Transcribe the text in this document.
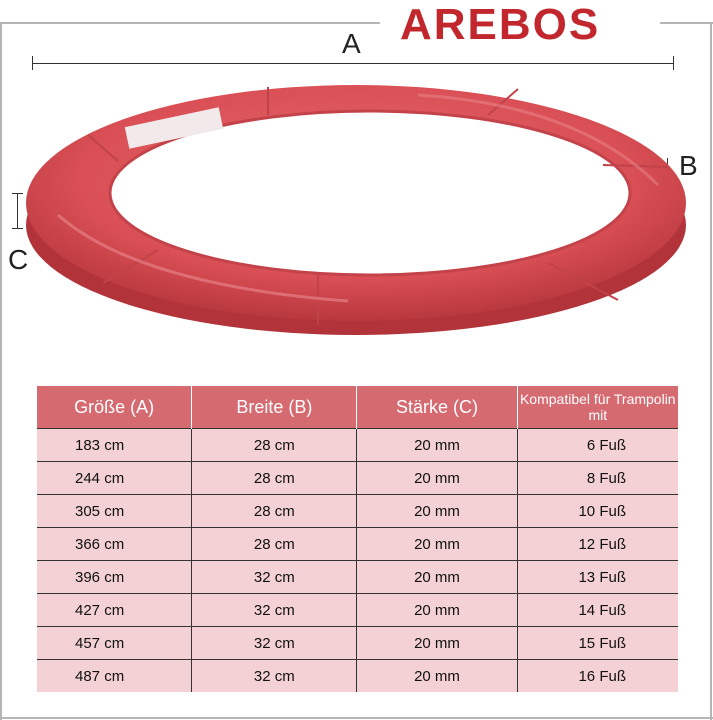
AREBOS
A
B
C
Größe (A)	Breite (B)	Stärke (C)	Kompatibel für Trampolin mit
183 cm	28 cm	20 mm	6 Fuß
244 cm	28 cm	20 mm	8 Fuß
305 cm	28 cm	20 mm	10 Fuß
366 cm	28 cm	20 mm	12 Fuß
396 cm	32 cm	20 mm	13 Fuß
427 cm	32 cm	20 mm	14 Fuß
457 cm	32 cm	20 mm	15 Fuß
487 cm	32 cm	20 mm	16 Fuß
